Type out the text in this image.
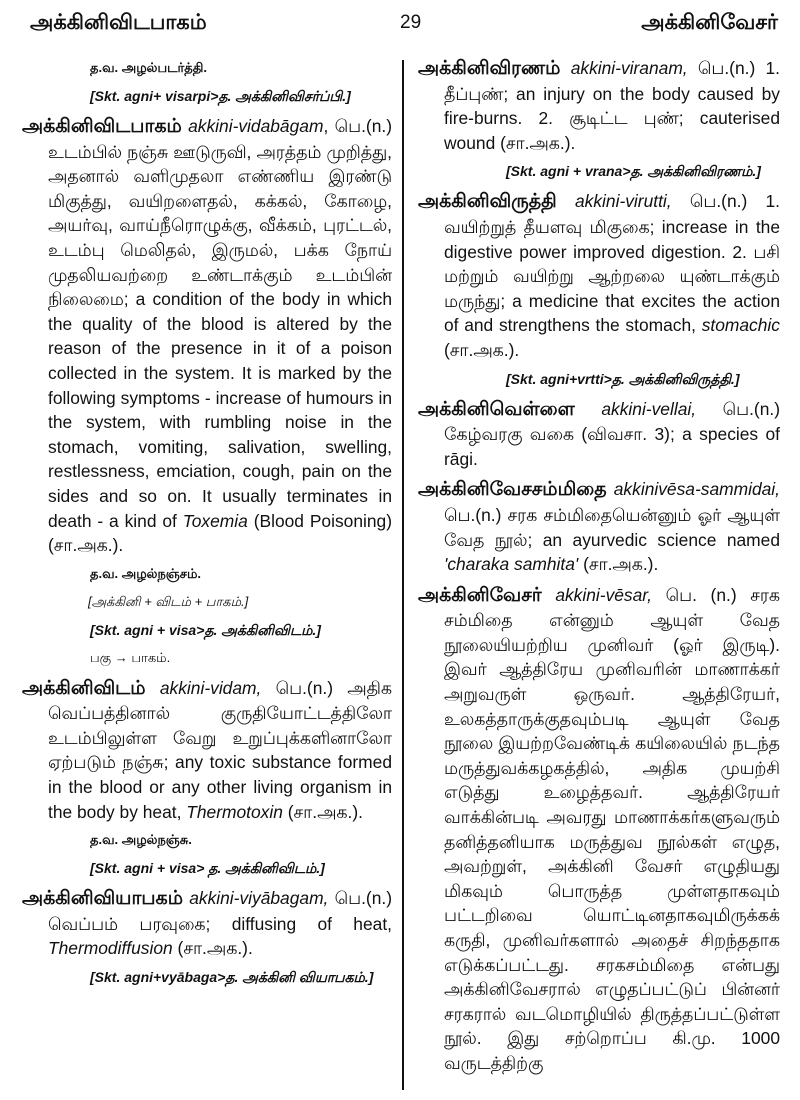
அக்கினிவிடபாகம்	29	அக்கினிவேசர்
த.வ. அழல்படர்த்தி.
[Skt. agni+ visarpi>த. அக்கினிவிசர்ப்பி.]
அக்கினிவிடபாகம் akkini-vidabāgam, பெ.(n.) உடம்பில் நஞ்சு ஊடுருவி, அரத்தம் முறித்து, அதனால் வளிமுதலா எண்ணிய இரண்டு மிகுத்து, வயிறளைதல், கக்கல், கோழை, அயர்வு, வாய்நீரொழுக்கு, வீக்கம், புரட்டல், உடம்பு மெலிதல், இருமல், பக்க நோய் முதலியவற்றை உண்டாக்கும் உடம்பின் நிலைமை; a condition of the body in which the quality of the blood is altered by the reason of the presence in it of a poison collected in the system. It is marked by the following symptoms - increase of humours in the system, with rumbling noise in the stomach, vomiting, salivation, swelling, restlessness, emciation, cough, pain on the sides and so on. It usually terminates in death - a kind of Toxemia (Blood Poisoning) (சா.அக.).
த.வ. அழல்நஞ்சம்.
[அக்கினி + விடம் + பாகம்.]
[Skt. agni + visa>த. அக்கினிவிடம்.]
பகு → பாகம்.
அக்கினிவிடம் akkini-vidam, பெ.(n.) அதிக வெப்பத்தினால் குருதியோட்டத்திலோ உடம்பிலுள்ள வேறு உறுப்புக்களினாலோ ஏற்படும் நஞ்சு; any toxic substance formed in the blood or any other living organism in the body by heat, Thermotoxin (சா.அக.).
த.வ. அழல்நஞ்சு.
[Skt. agni + visa> த. அக்கினிவிடம்.]
அக்கினிவியாபகம் akkini-viyābagam, பெ.(n.) வெப்பம் பரவுகை; diffusing of heat, Thermodiffusion (சா.அக.).
[Skt. agni+vyābaga>த. அக்கினி வியாபகம்.]
அக்கினிவிரணம் akkini-viranam, பெ.(n.) 1. தீப்புண்; an injury on the body caused by fire-burns. 2. சூடிட்ட புண்; cauterised wound (சா.அக.).
[Skt. agni + vrana>த. அக்கினிவிரணம்.]
அக்கினிவிருத்தி akkini-virutti, பெ.(n.) 1. வயிற்றுத் தீயளவு மிகுகை; increase in the digestive power improved digestion. 2. பசி மற்றும் வயிற்று ஆற்றலை யுண்டாக்கும் மருந்து; a medicine that excites the action of and strengthens the stomach, stomachic (சா.அக.).
[Skt. agni+vrtti>த. அக்கினிவிருத்தி.]
அக்கினிவெள்ளை akkini-vellai, பெ.(n.) கேழ்வரகு வகை (விவசா. 3); a species of rāgi.
அக்கினிவேசசம்மிதை akkinivēsa-sammidai, பெ.(n.) சரக சம்மிதையென்னும் ஓர் ஆயுள் வேத நூல்; an ayurvedic science named 'charaka samhita' (சா.அக.).
அக்கினிவேசர் akkini-vēsar, பெ. (n.) சரக சம்மிதை என்னும் ஆயுள் வேத நூலையியற்றிய முனிவர் (ஓர் இருடி). இவர் ஆத்திரேய முனிவரின் மாணாக்கர் அறுவருள் ஒருவர். ஆத்திரேயர், உலகத்தாருக்குதவும்படி ஆயுள் வேத நூலை இயற்றவேண்டிக் கயிலையில் நடந்த மருத்துவக்கழகத்தில், அதிக முயற்சி எடுத்து உழைத்தவர். ஆத்திரேயர் வாக்கின்படி அவரது மாணாக்கர்களுவரும் தனித்தனியாக மருத்துவ நூல்கள் எழுத, அவற்றுள், அக்கினி வேசர் எழுதியது மிகவும் பொருத்த முள்ளதாகவும் பட்டறிவை யொட்டினதாகவுமிருக்கக் கருதி, முனிவர்களால் அதைச் சிறந்ததாக எடுக்கப்பட்டது. சரகசம்மிதை என்பது அக்கினிவேசரால் எழுதப்பட்டுப் பின்னர் சரகரால் வடமொழியில் திருத்தப்பட்டுள்ள நூல். இது சற்றொப்ப கி.மு. 1000 வருடத்திற்கு
